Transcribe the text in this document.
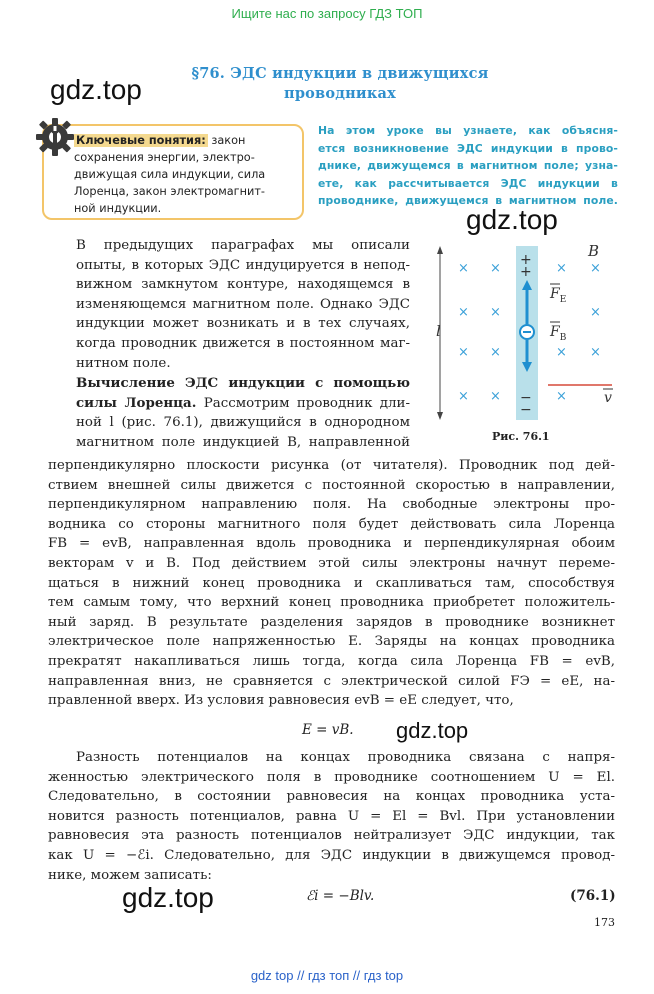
Ищите нас по запросу ГДЗ ТОП
gdz.top
gdz.top
gdz.top
gdz.top
§76. ЭДС индукции в движущихся
проводниках
Ключевые понятия: закон
сохранения энергии, электро-
движущая сила индукции, сила
Лоренца, закон электромагнит-
ной индукции.
На этом уроке вы узнаете, как объясня-
ется возникновение ЭДС индукции в прово-
днике, движущемся в магнитном поле; узна-
ете, как рассчитывается ЭДС индукции в
проводнике, движущемся в магнитном поле.
В предыдущих параграфах мы описали
опыты, в которых ЭДС индуцируется в непод-
вижном замкнутом контуре, находящемся в
изменяющемся магнитном поле. Однако ЭДС
индукции может возникать и в тех случаях,
когда проводник движется в постоянном маг-
нитном поле.
Вычисление ЭДС индукции с помощью
силы Лоренца. Рассмотрим проводник дли-
ной l (рис. 76.1), движущийся в однородном
магнитном поле индукцией B, направленной
перпендикулярно плоскости рисунка (от читателя). Проводник под дей-
ствием внешней силы движется с постоянной скоростью в направлении,
перпендикулярном направлению поля. На свободные электроны про-
водника со стороны магнитного поля будет действовать сила Лоренца
FB = evB, направленная вдоль проводника и перпендикулярная обоим
векторам v и B. Под действием этой силы электроны начнут переме-
щаться в нижний конец проводника и скапливаться там, способствуя
тем самым тому, что верхний конец проводника приобретет положитель-
ный заряд. В результате разделения зарядов в проводнике возникнет
электрическое поле напряженностью E. Заряды на концах проводника
прекратят накапливаться лишь тогда, когда сила Лоренца FB = evB,
направленная вниз, не сравняется с электрической силой FЭ = eE, на-
правленной вверх. Из условия равновесия evB = eE следует, что,
E = vB.
Разность потенциалов на концах проводника связана с напря-
женностью электрического поля в проводнике соотношением U = El.
Следовательно, в состоянии равновесия на концах проводника уста-
новится разность потенциалов, равна U = El = Bvl. При установлении
равновесия эта разность потенциалов нейтрализует ЭДС индукции, так
как U = −ℰi. Следовательно, для ЭДС индукции в движущемся провод-
нике, можем записать:
ℰi = −Blv.	(76.1)
l
+
+
−
−
$F_Е$
$F_В$
× ×	× ×
× ×	×
× ×	× ×
× ×	×
B
v
Рис. 76.1
173
gdz top // гдз топ // гдз top
